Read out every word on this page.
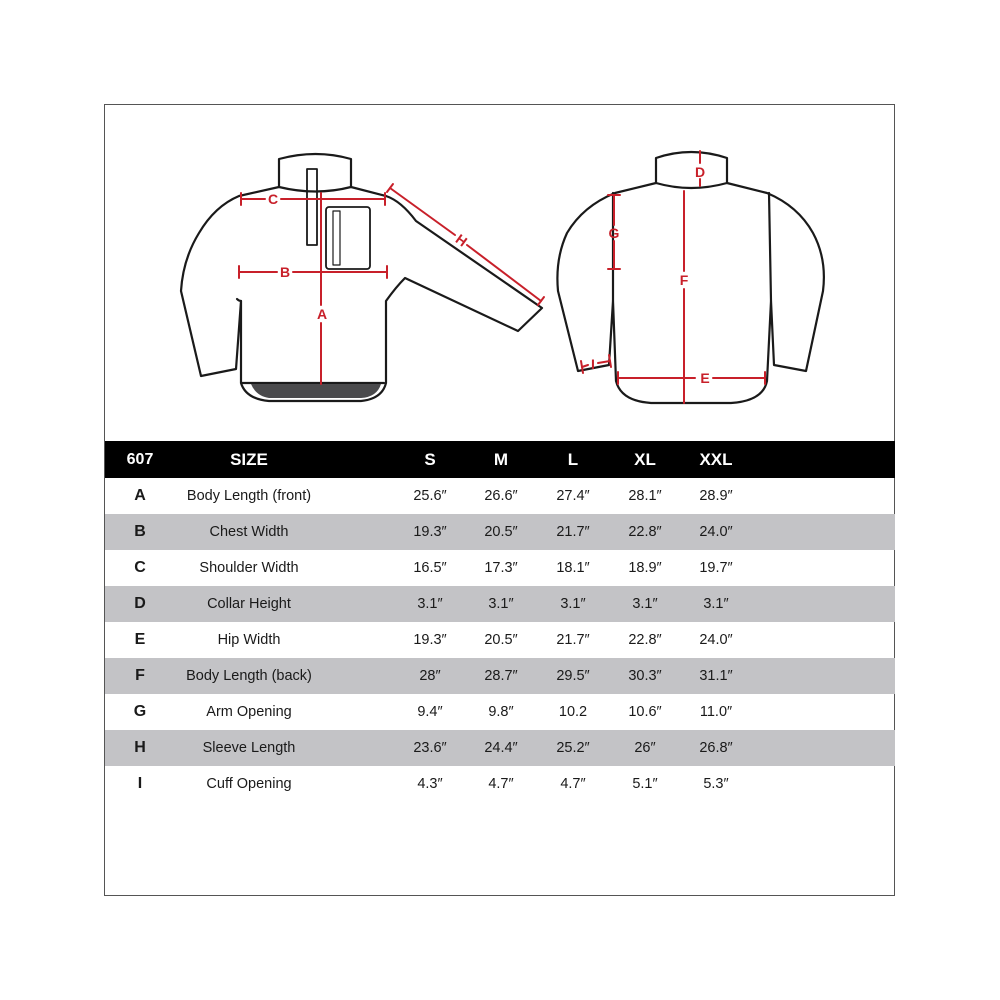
C
B
A
H
D
F
G
I
E
607	SIZE	S	M	L	XL	XXL
A	Body Length (front)	25.6″	26.6″	27.4″	28.1″	28.9″
B	Chest Width	19.3″	20.5″	21.7″	22.8″	24.0″
C	Shoulder Width	16.5″	17.3″	18.1″	18.9″	19.7″
D	Collar Height	3.1″	3.1″	3.1″	3.1″	3.1″
E	Hip Width	19.3″	20.5″	21.7″	22.8″	24.0″
F	Body Length (back)	28″	28.7″	29.5″	30.3″	31.1″
G	Arm Opening	9.4″	9.8″	10.2	10.6″	11.0″
H	Sleeve Length	23.6″	24.4″	25.2″	26″	26.8″
I	Cuff Opening	4.3″	4.7″	4.7″	5.1″	5.3″
